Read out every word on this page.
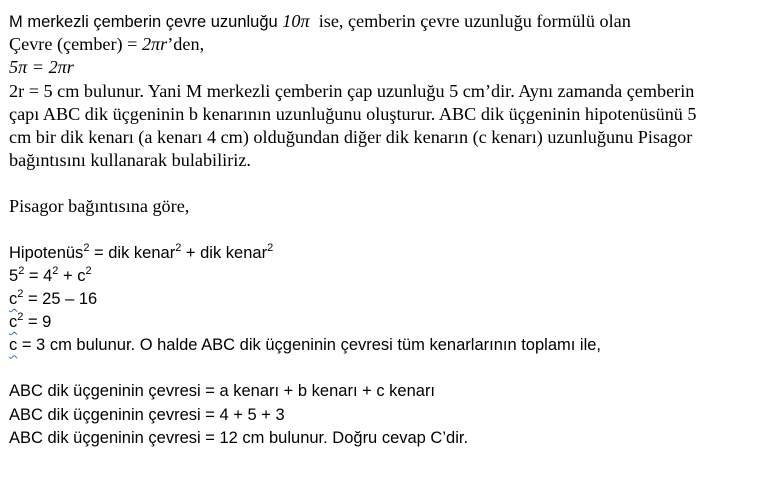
M merkezli çemberin çevre uzunluğu 10π  ise, çemberin çevre uzunluğu formülü olan
Çevre (çember) = 2πr’den,
5π = 2πr
2r = 5 cm bulunur. Yani M merkezli çemberin çap uzunluğu 5 cm’dir. Aynı zamanda çemberin
çapı ABC dik üçgeninin b kenarının uzunluğunu oluşturur. ABC dik üçgeninin hipotenüsünü 5
cm bir dik kenarı (a kenarı 4 cm) olduğundan diğer dik kenarın (c kenarı) uzunluğunu Pisagor
bağıntısını kullanarak bulabiliriz.
Pisagor bağıntısına göre,
Hipotenüs$^2$ = dik kenar$^2$ + dik kenar$^2$
$5^2 = 4^2 + c^2$
$c^2 = 25 - 16$
$c^2 = 9$
c = 3 cm bulunur. O halde ABC dik üçgeninin çevresi tüm kenarlarının toplamı ile,
ABC dik üçgeninin çevresi = a kenarı + b kenarı + c kenarı
ABC dik üçgeninin çevresi = 4 + 5 + 3
ABC dik üçgeninin çevresi = 12 cm bulunur. Doğru cevap C’dir.
